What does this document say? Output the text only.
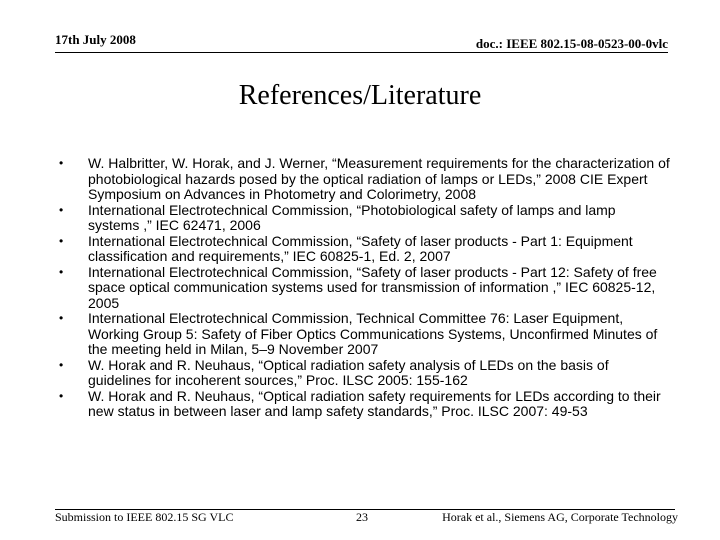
17th July 2008	doc.: IEEE 802.15-08-0523-00-0vlc
References/Literature
• W. Halbritter, W. Horak, and J. Werner, “Measurement requirements for the characterization of photobiological hazards posed by the optical radiation of lamps or LEDs,” 2008 CIE Expert Symposium on Advances in Photometry and Colorimetry, 2008
• International Electrotechnical Commission, “Photobiological safety of lamps and lamp systems ,” IEC 62471, 2006
• International Electrotechnical Commission, “Safety of laser products - Part 1: Equipment classification and requirements,” IEC 60825-1, Ed. 2, 2007
• International Electrotechnical Commission, “Safety of laser products - Part 12: Safety of free space optical communication systems used for transmission of information ,” IEC 60825-12, 2005
• International Electrotechnical Commission, Technical Committee 76: Laser Equipment, Working Group 5: Safety of Fiber Optics Communications Systems, Unconfirmed Minutes of the meeting held in Milan, 5–9 November 2007
• W. Horak and R. Neuhaus, “Optical radiation safety analysis of LEDs on the basis of guidelines for incoherent sources,” Proc. ILSC 2005: 155-162
• W. Horak and R. Neuhaus, “Optical radiation safety requirements for LEDs according to their new status in between laser and lamp safety standards,” Proc. ILSC 2007: 49-53
Submission to IEEE 802.15 SG VLC	23	Horak et al., Siemens AG, Corporate Technology
